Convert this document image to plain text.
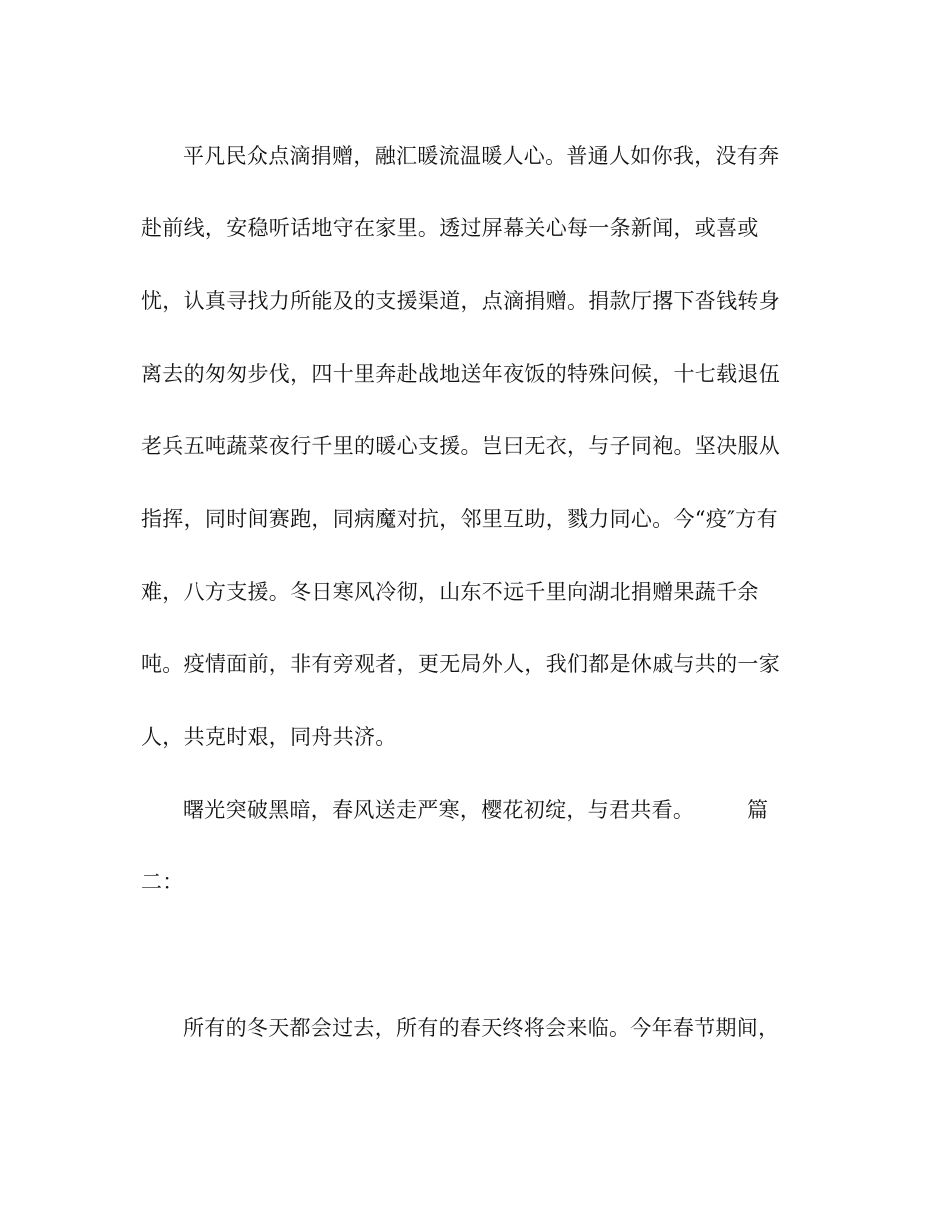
平凡民众点滴捐赠，融汇暖流温暖人心。普通人如你我，没有奔
赴前线，安稳听话地守在家里。透过屏幕关心每一条新闻，或喜或
忧，认真寻找力所能及的支援渠道，点滴捐赠。捐款厅撂下沓钱转身
离去的匆匆步伐，四十里奔赴战地送年夜饭的特殊问候，十七载退伍
老兵五吨蔬菜夜行千里的暖心支援。岂曰无衣，与子同袍。坚决服从
指挥，同时间赛跑，同病魔对抗，邻里互助，戮力同心。今“疫″方有
难，八方支援。冬日寒风冷彻，山东不远千里向湖北捐赠果蔬千余
吨。疫情面前，非有旁观者，更无局外人，我们都是休戚与共的一家
人，共克时艰，同舟共济。
曙光突破黑暗，春风送走严寒，樱花初绽，与君共看。	篇
二：
所有的冬天都会过去，所有的春天终将会来临。今年春节期间，
